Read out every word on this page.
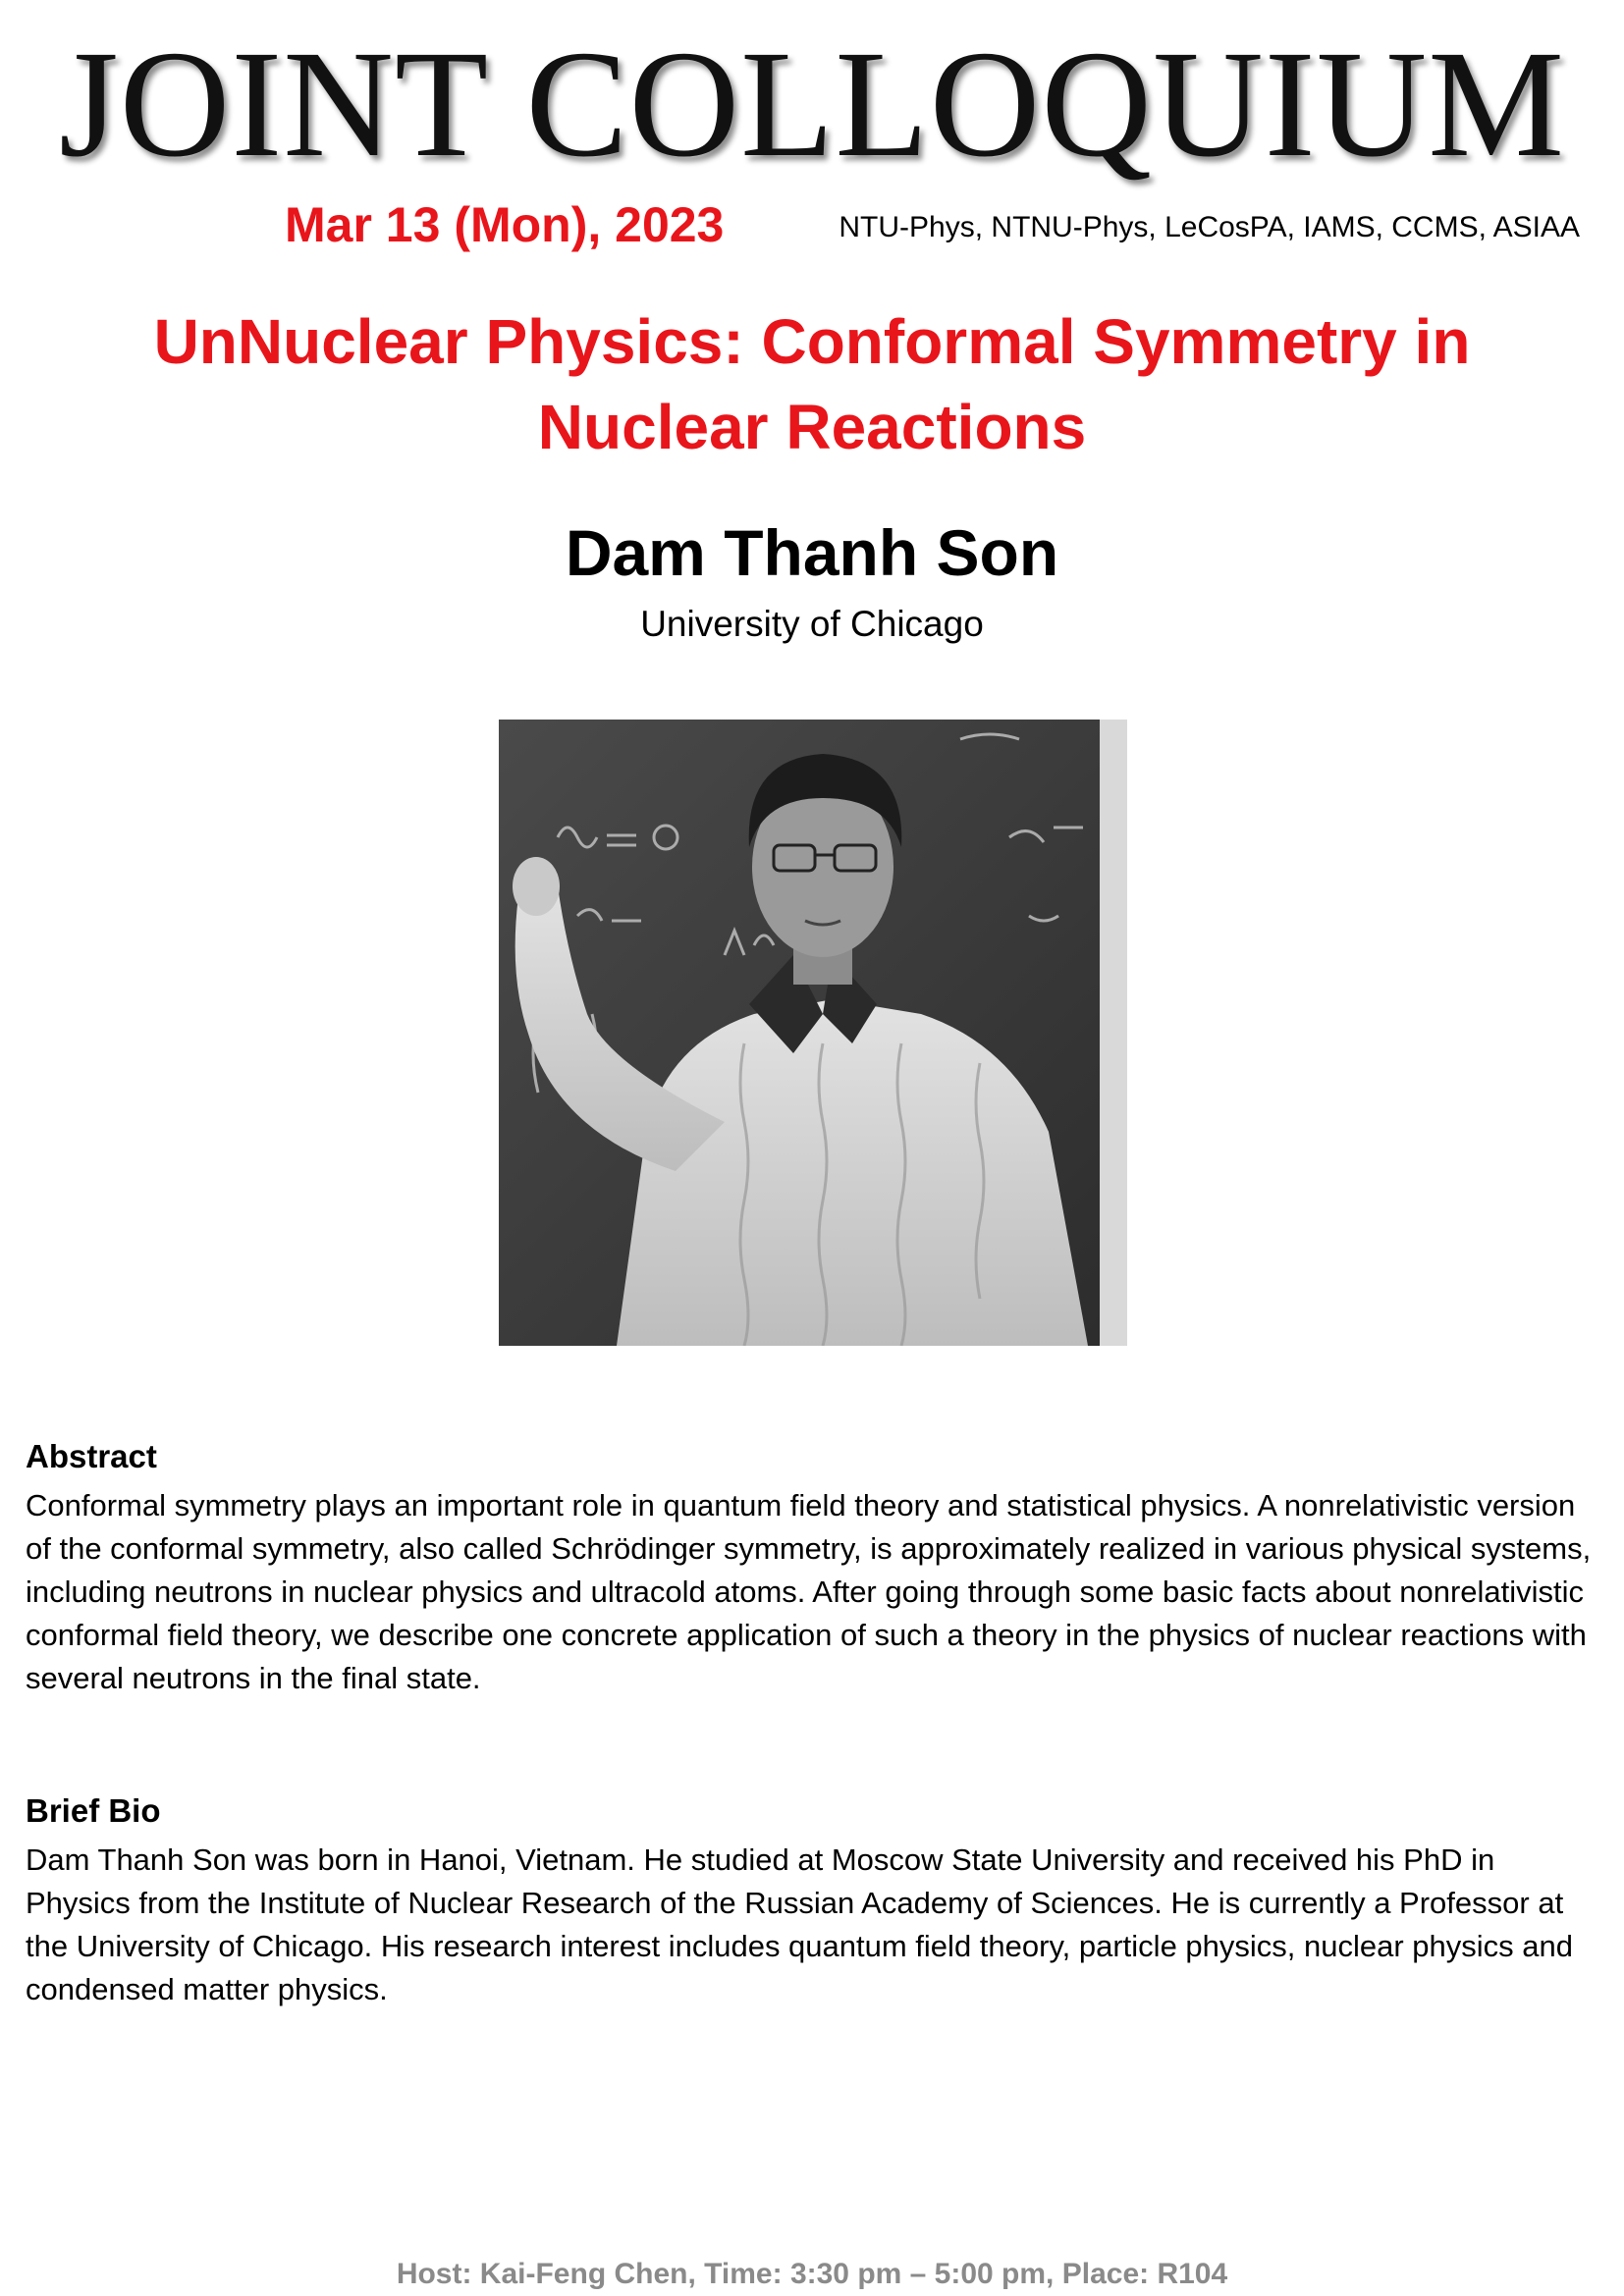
JOINT COLLOQUIUM
Mar 13 (Mon), 2023	NTU-Phys, NTNU-Phys, LeCosPA, IAMS, CCMS, ASIAA
UnNuclear Physics: Conformal Symmetry in Nuclear Reactions
Dam Thanh Son
University of Chicago
Abstract
Conformal symmetry plays an important role in quantum field theory and statistical physics. A nonrelativistic version of the conformal symmetry, also called Schrödinger symmetry, is approximately realized in various physical systems, including neutrons in nuclear physics and ultracold atoms. After going through some basic facts about nonrelativistic conformal field theory, we describe one concrete application of such a theory in the physics of nuclear reactions with several neutrons in the final state.
Brief Bio
Dam Thanh Son was born in Hanoi, Vietnam. He studied at Moscow State University and received his PhD in Physics from the Institute of Nuclear Research of the Russian Academy of Sciences. He is currently a Professor at the University of Chicago. His research interest includes quantum field theory, particle physics, nuclear physics and condensed matter physics.
Host: Kai-Feng Chen, Time: 3:30 pm – 5:00 pm, Place: R104
